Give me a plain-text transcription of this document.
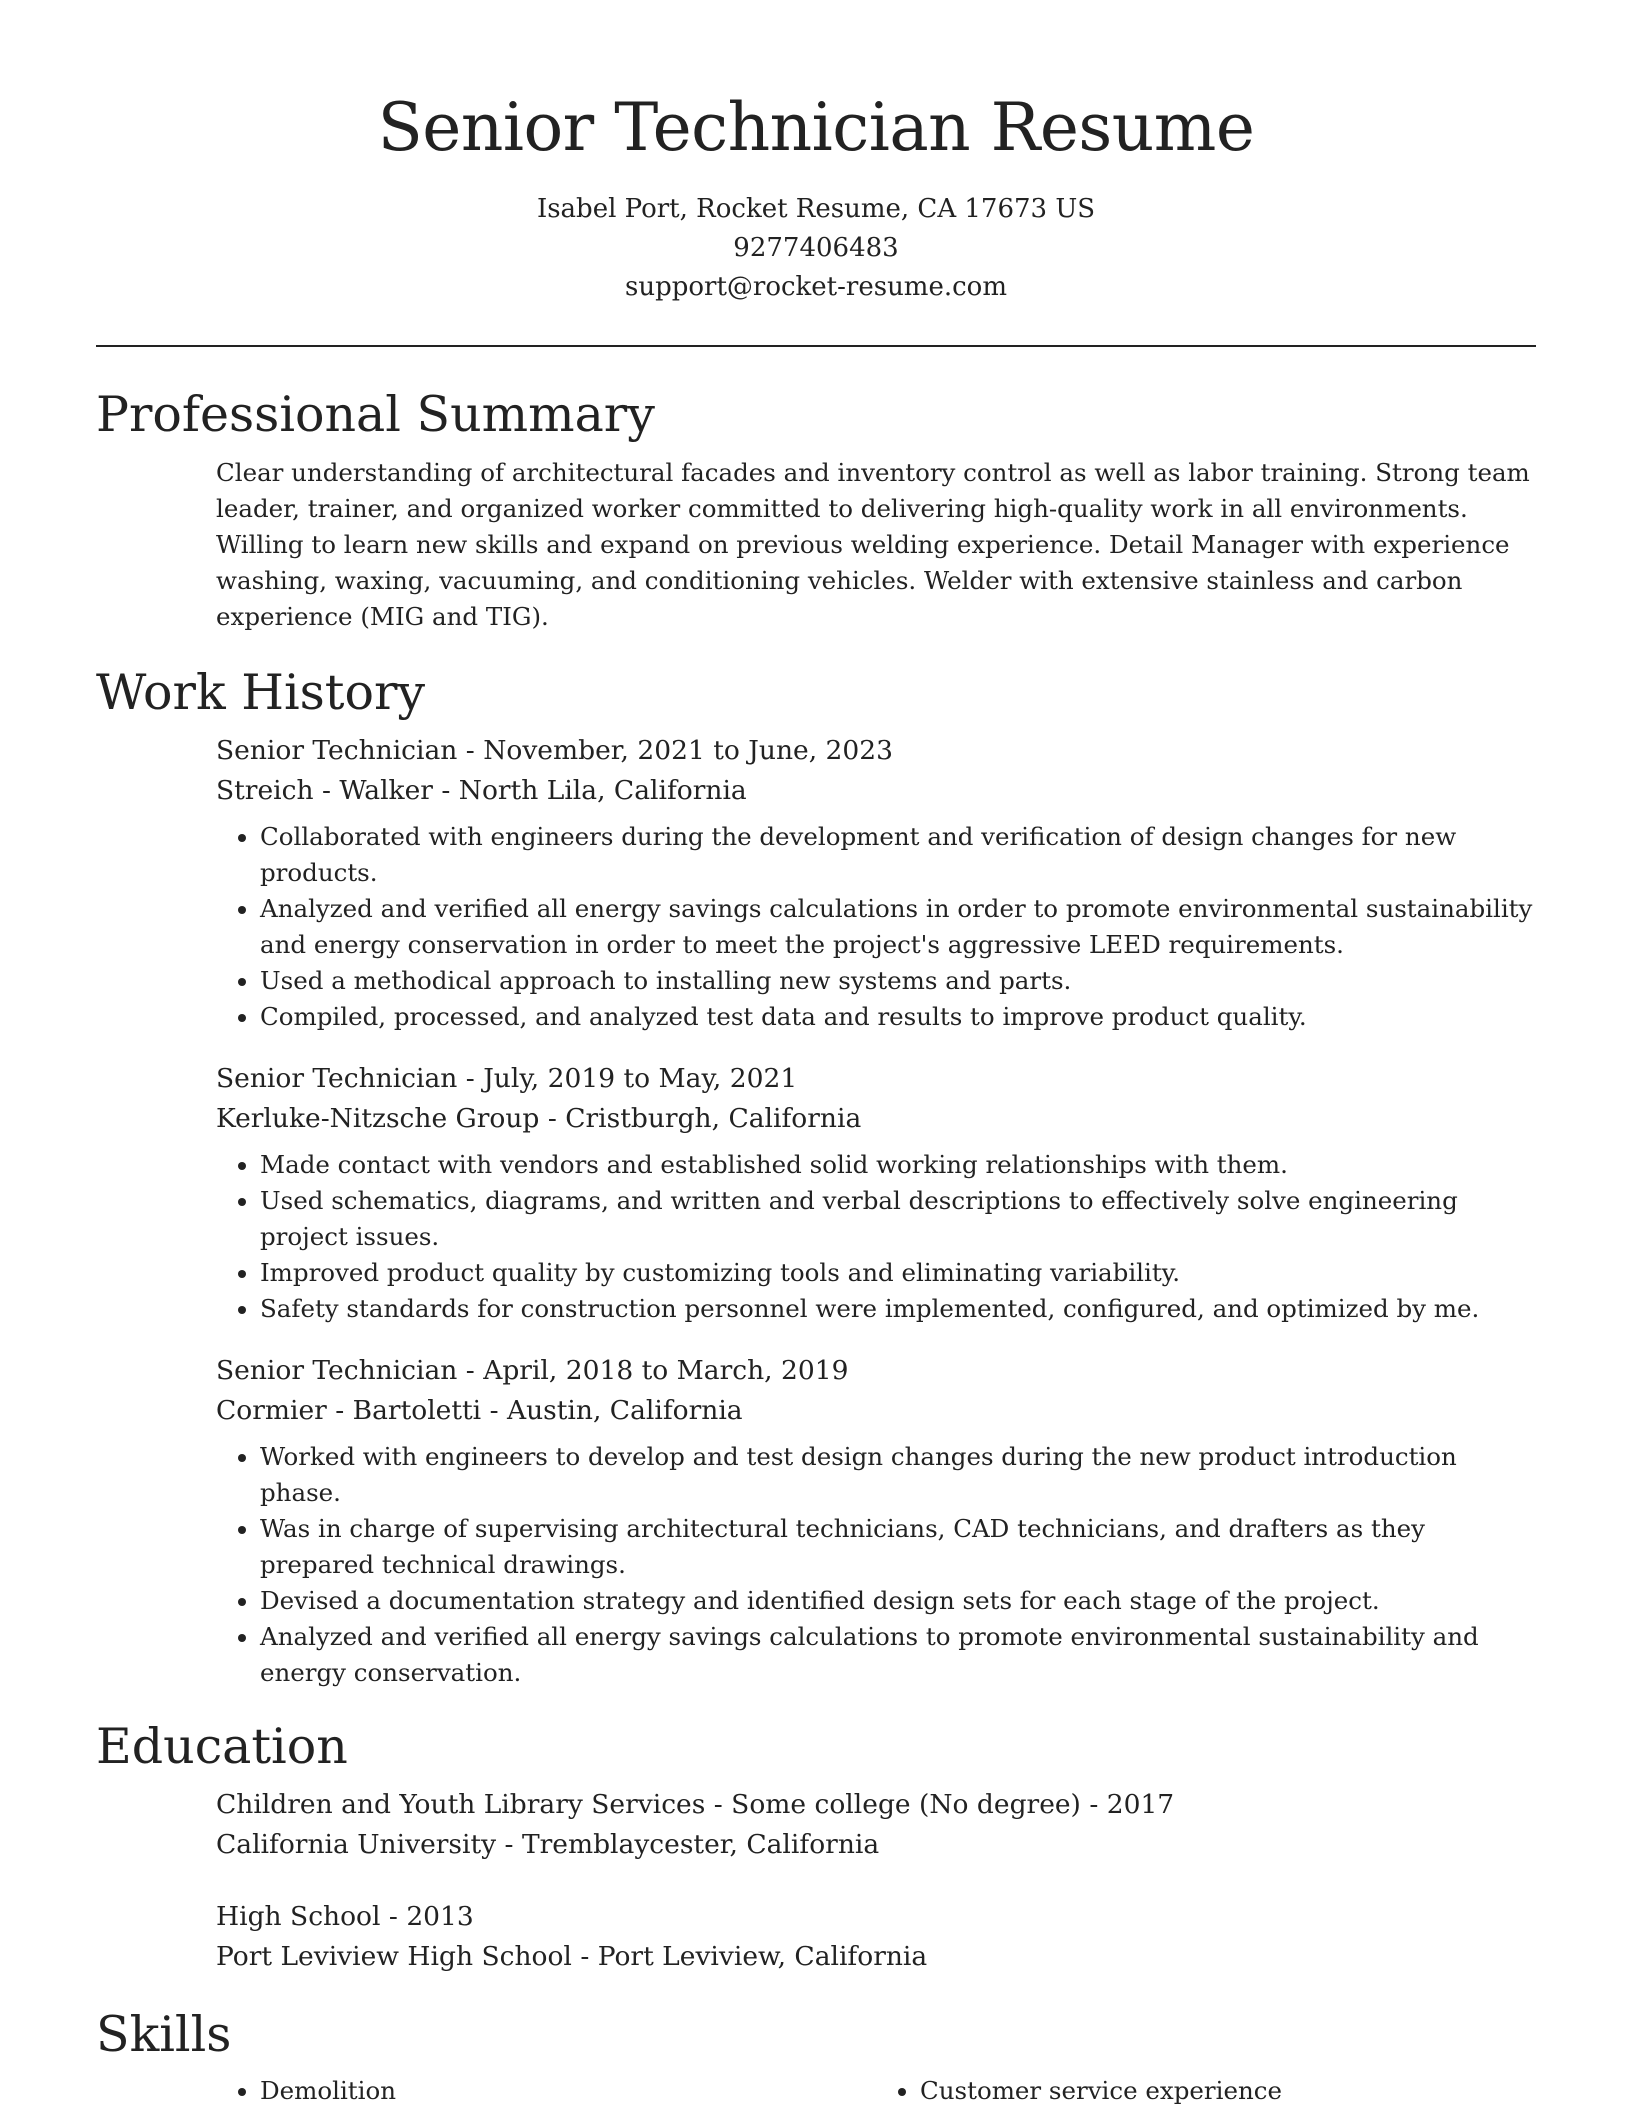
Senior Technician Resume
Isabel Port, Rocket Resume, CA 17673 US
9277406483
support@rocket-resume.com
Professional Summary

Clear understanding of architectural facades and inventory control as well as labor training. Strong team leader, trainer, and organized worker committed to delivering high-quality work in all environments. Willing to learn new skills and expand on previous welding experience. Detail Manager with experience washing, waxing, vacuuming, and conditioning vehicles. Welder with extensive stainless and carbon experience (MIG and TIG).

Work History
Senior Technician - November, 2021 to June, 2023
Streich - Walker - North Lila, California
• Collaborated with engineers during the development and verification of design changes for new products.
• Analyzed and verified all energy savings calculations in order to promote environmental sustainability and energy conservation in order to meet the project's aggressive LEED requirements.
• Used a methodical approach to installing new systems and parts.
• Compiled, processed, and analyzed test data and results to improve product quality.
Senior Technician - July, 2019 to May, 2021
Kerluke-Nitzsche Group - Cristburgh, California
• Made contact with vendors and established solid working relationships with them.
• Used schematics, diagrams, and written and verbal descriptions to effectively solve engineering project issues.
• Improved product quality by customizing tools and eliminating variability.
• Safety standards for construction personnel were implemented, configured, and optimized by me.
Senior Technician - April, 2018 to March, 2019
Cormier - Bartoletti - Austin, California
• Worked with engineers to develop and test design changes during the new product introduction phase.
• Was in charge of supervising architectural technicians, CAD technicians, and drafters as they prepared technical drawings.
• Devised a documentation strategy and identified design sets for each stage of the project.
• Analyzed and verified all energy savings calculations to promote environmental sustainability and energy conservation.
Education
Children and Youth Library Services - Some college (No degree) - 2017
California University - Tremblaycester, California
High School - 2013
Port Leviview High School - Port Leviview, California
Skills
• Demolition
•	Customer service experience
